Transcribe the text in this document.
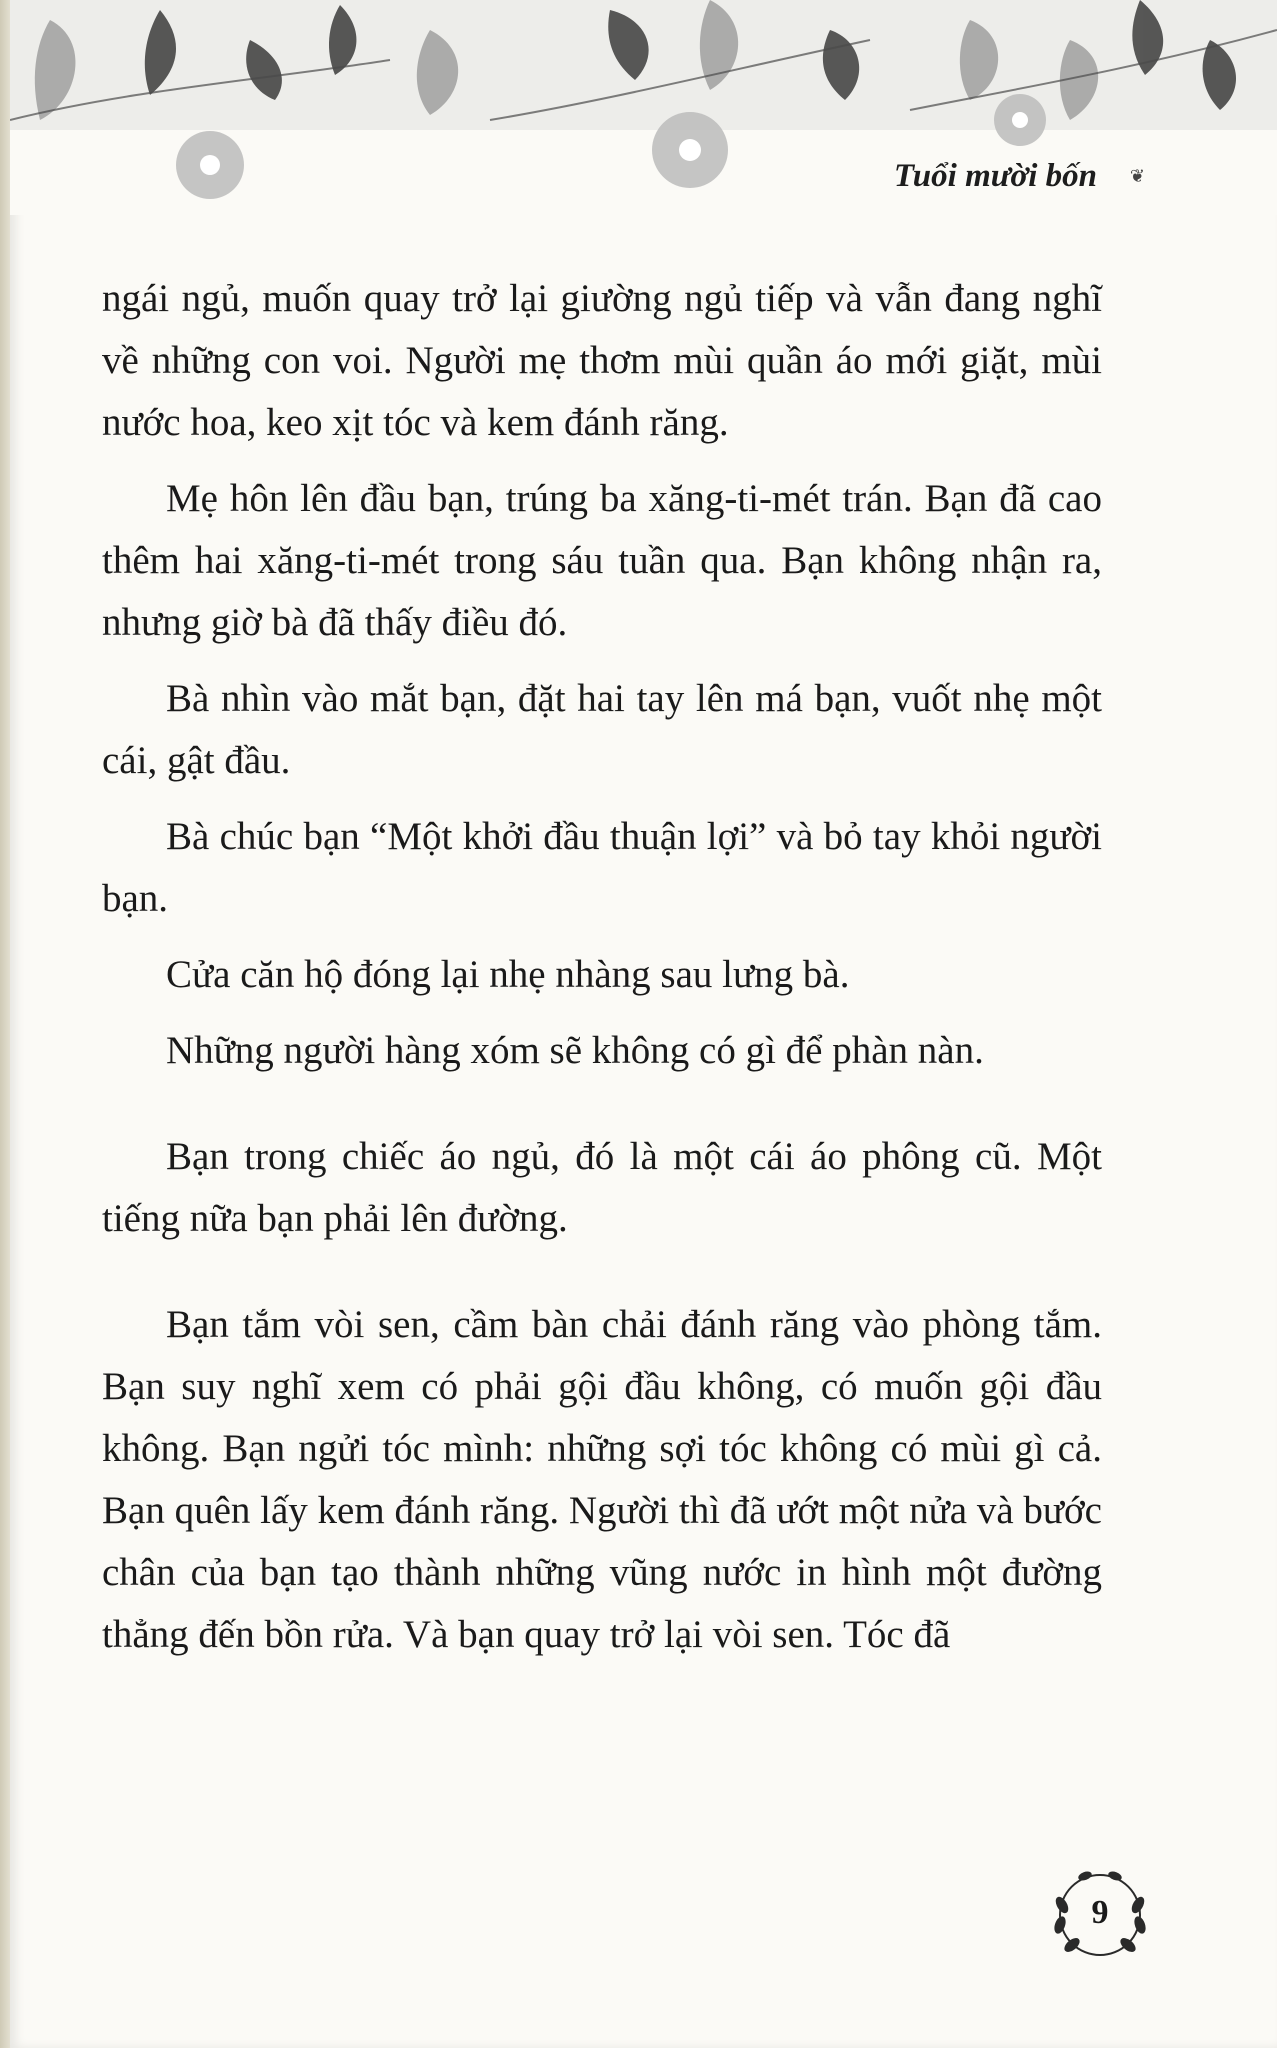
Tuổi mười bốn ❦

ngái ngủ, muốn quay trở lại giường ngủ tiếp và vẫn đang nghĩ về những con voi. Người mẹ thơm mùi quần áo mới giặt, mùi nước hoa, keo xịt tóc và kem đánh răng.

Mẹ hôn lên đầu bạn, trúng ba xăng-ti-mét trán. Bạn đã cao thêm hai xăng-ti-mét trong sáu tuần qua. Bạn không nhận ra, nhưng giờ bà đã thấy điều đó.

Bà nhìn vào mắt bạn, đặt hai tay lên má bạn, vuốt nhẹ một cái, gật đầu.

Bà chúc bạn “Một khởi đầu thuận lợi” và bỏ tay khỏi người bạn.

Cửa căn hộ đóng lại nhẹ nhàng sau lưng bà.

Những người hàng xóm sẽ không có gì để phàn nàn.

Bạn trong chiếc áo ngủ, đó là một cái áo phông cũ. Một tiếng nữa bạn phải lên đường.

Bạn tắm vòi sen, cầm bàn chải đánh răng vào phòng tắm. Bạn suy nghĩ xem có phải gội đầu không, có muốn gội đầu không. Bạn ngửi tóc mình: những sợi tóc không có mùi gì cả. Bạn quên lấy kem đánh răng. Người thì đã ướt một nửa và bước chân của bạn tạo thành những vũng nước in hình một đường thẳng đến bồn rửa. Và bạn quay trở lại vòi sen. Tóc đã

9
